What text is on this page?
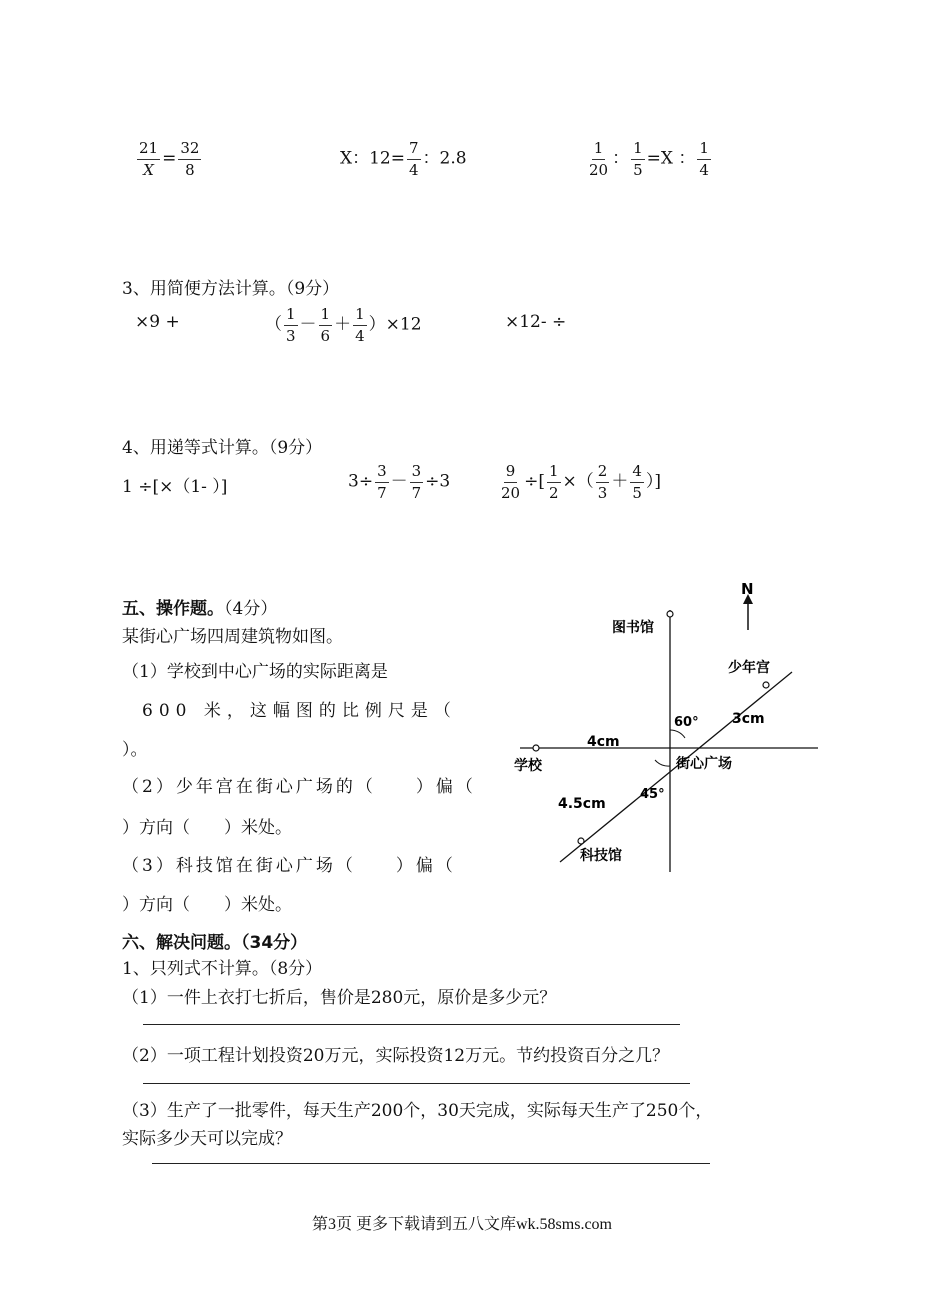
$\frac{21}{X} = \frac{32}{8}$	X：$12= \frac{7}{4}$ ：2.8	$\frac{1}{20}$ ： $\frac{1}{5} =X$ ： $\frac{1}{4}$
3、用简便方法计算。（9分）
×9 +	（ $\frac{1}{3} - \frac{1}{6} + \frac{1}{4} )\times 12$	×12- ÷
4、用递等式计算。（9分）
1 ÷[×（1- ）]	$3\div \frac{3}{7} - \frac{3}{7} \div 3$	$\frac{9}{20}$ ÷[ $\frac{1}{2}$ ×（ $\frac{2}{3} + \frac{4}{5}$ ）]
五、操作题。（4分）
某街心广场四周建筑物如图。
（1）学校到中心广场的实际距离是
600 米，这幅图的比例尺是（
）。
（2）少年宫在街心广场的（　　）偏（
）方向（　　）米处。
（3）科技馆在街心广场（　　）偏（
）方向（　　）米处。
N
图书馆
少年宫
学校	街心广场
科技馆
4cm
3cm
4.5cm
60°
45°
六、解决问题。（34分）
1、只列式不计算。（8分）
（1）一件上衣打七折后，售价是280元，原价是多少元？
（2）一项工程计划投资20万元，实际投资12万元。节约投资百分之几？
（3）生产了一批零件，每天生产200个，30天完成，实际每天生产了250个，
实际多少天可以完成？
第3页 更多下载请到五八文库wk.58sms.com
